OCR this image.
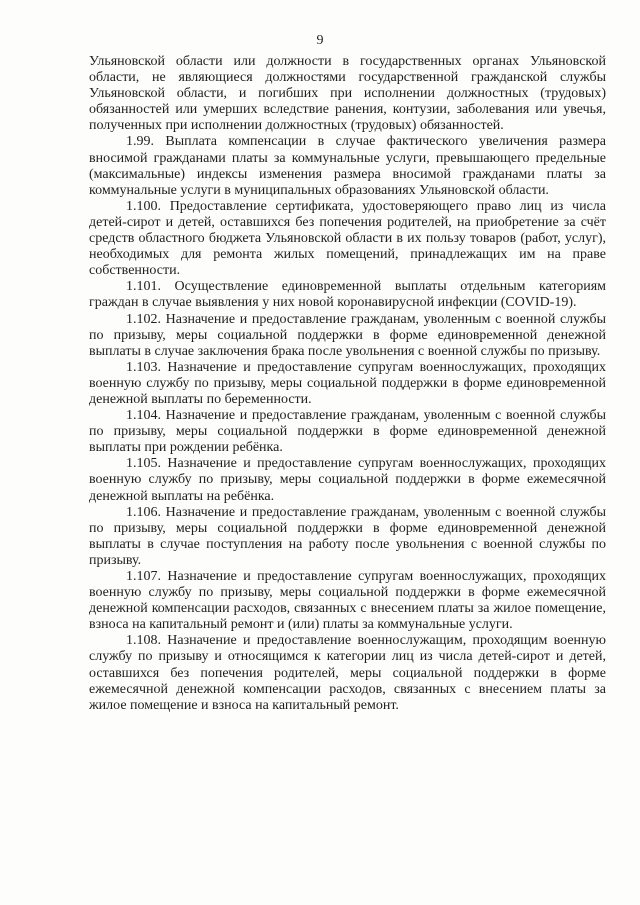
9

Ульяновской области или должности в государственных органах Ульяновской области, не являющиеся должностями государственной гражданской службы Ульяновской области, и погибших при исполнении должностных (трудовых) обязанностей или умерших вследствие ранения, контузии, заболевания или увечья, полученных при исполнении должностных (трудовых) обязанностей.

1.99. Выплата компенсации в случае фактического увеличения размера вносимой гражданами платы за коммунальные услуги, превышающего предельные (максимальные) индексы изменения размера вносимой гражданами платы за коммунальные услуги в муниципальных образованиях Ульяновской области.

1.100. Предоставление сертификата, удостоверяющего право лиц из числа детей-сирот и детей, оставшихся без попечения родителей, на приобретение за счёт средств областного бюджета Ульяновской области в их пользу товаров (работ, услуг), необходимых для ремонта жилых помещений, принадлежащих им на праве собственности.

1.101. Осуществление единовременной выплаты отдельным категориям граждан в случае выявления у них новой коронавирусной инфекции (COVID-19).

1.102. Назначение и предоставление гражданам, уволенным с военной службы по призыву, меры социальной поддержки в форме единовременной денежной выплаты в случае заключения брака после увольнения с военной службы по призыву.

1.103. Назначение и предоставление супругам военнослужащих, проходящих военную службу по призыву, меры социальной поддержки в форме единовременной денежной выплаты по беременности.

1.104. Назначение и предоставление гражданам, уволенным с военной службы по призыву, меры социальной поддержки в форме единовременной денежной выплаты при рождении ребёнка.

1.105. Назначение и предоставление супругам военнослужащих, проходящих военную службу по призыву, меры социальной поддержки в форме ежемесячной денежной выплаты на ребёнка.

1.106. Назначение и предоставление гражданам, уволенным с военной службы по призыву, меры социальной поддержки в форме единовременной денежной выплаты в случае поступления на работу после увольнения с военной службы по призыву.

1.107. Назначение и предоставление супругам военнослужащих, проходящих военную службу по призыву, меры социальной поддержки в форме ежемесячной денежной компенсации расходов, связанных с внесением платы за жилое помещение, взноса на капитальный ремонт и (или) платы за коммунальные услуги.

1.108. Назначение и предоставление военнослужащим, проходящим военную службу по призыву и относящимся к категории лиц из числа детей-сирот и детей, оставшихся без попечения родителей, меры социальной поддержки в форме ежемесячной денежной компенсации расходов, связанных с внесением платы за жилое помещение и взноса на капитальный ремонт.
